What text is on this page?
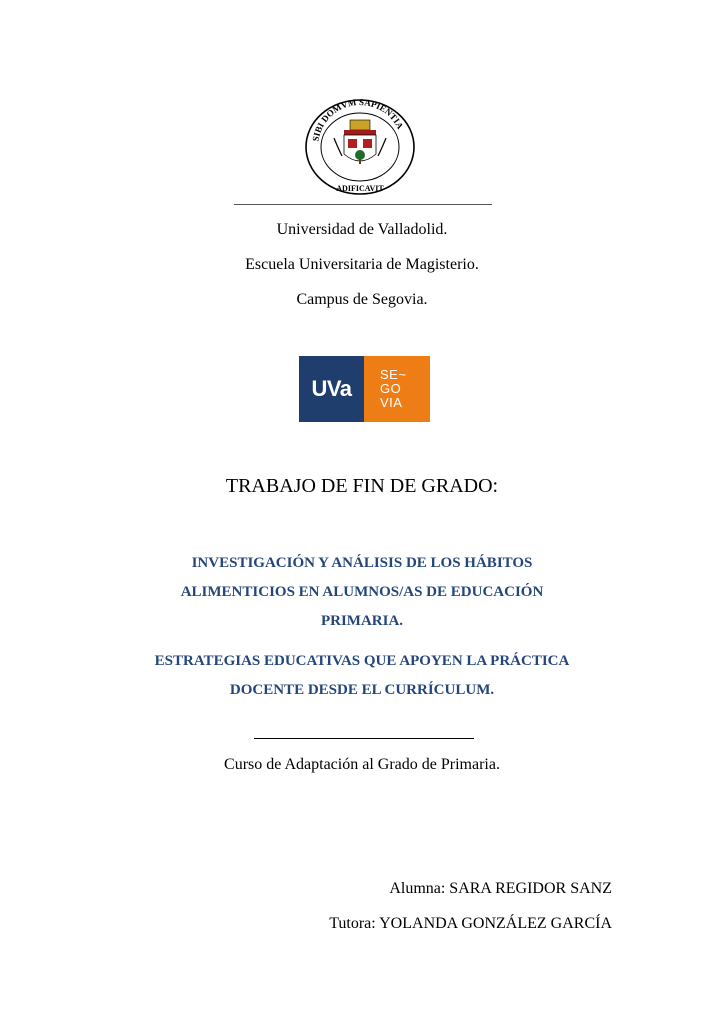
SIBI DOMVM SAPIENTIA
ADIFICAVIT
Universidad de Valladolid.
Escuela Universitaria de Magisterio.
Campus de Segovia.
UVa
SE~
GO
VIA
TRABAJO DE FIN DE GRADO:
INVESTIGACIÓN Y ANÁLISIS DE LOS HÁBITOS
ALIMENTICIOS EN ALUMNOS/AS DE EDUCACIÓN
PRIMARIA.
ESTRATEGIAS EDUCATIVAS QUE APOYEN LA PRÁCTICA
DOCENTE DESDE EL CURRÍCULUM.
Curso de Adaptación al Grado de Primaria.
Alumna: SARA REGIDOR SANZ
Tutora: YOLANDA GONZÁLEZ GARCÍA
